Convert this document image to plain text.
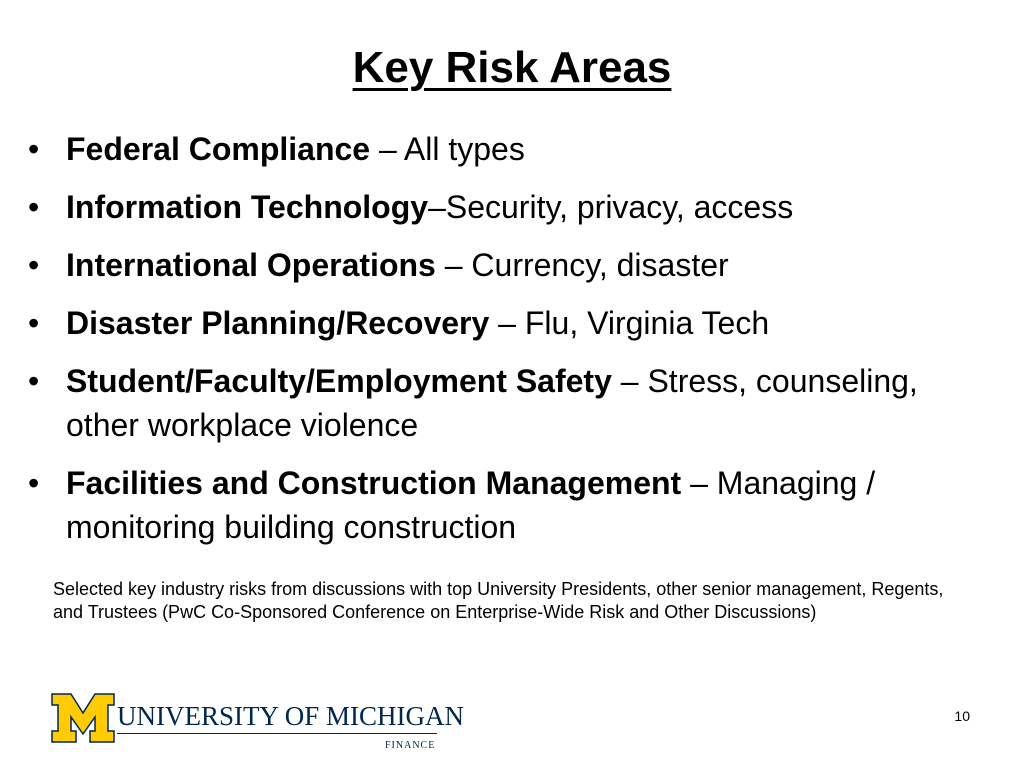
Key Risk Areas
• Federal Compliance – All types
• Information Technology–Security, privacy, access
• International Operations – Currency, disaster
• Disaster Planning/Recovery – Flu, Virginia Tech
• Student/Faculty/Employment Safety – Stress, counseling, other workplace violence
• Facilities and Construction Management – Managing / monitoring building construction
Selected key industry risks from discussions with top University Presidents, other senior management, Regents, and Trustees (PwC Co-Sponsored Conference on Enterprise-Wide Risk and Other Discussions)
UNIVERSITY OF MICHIGAN
FINANCE
10
